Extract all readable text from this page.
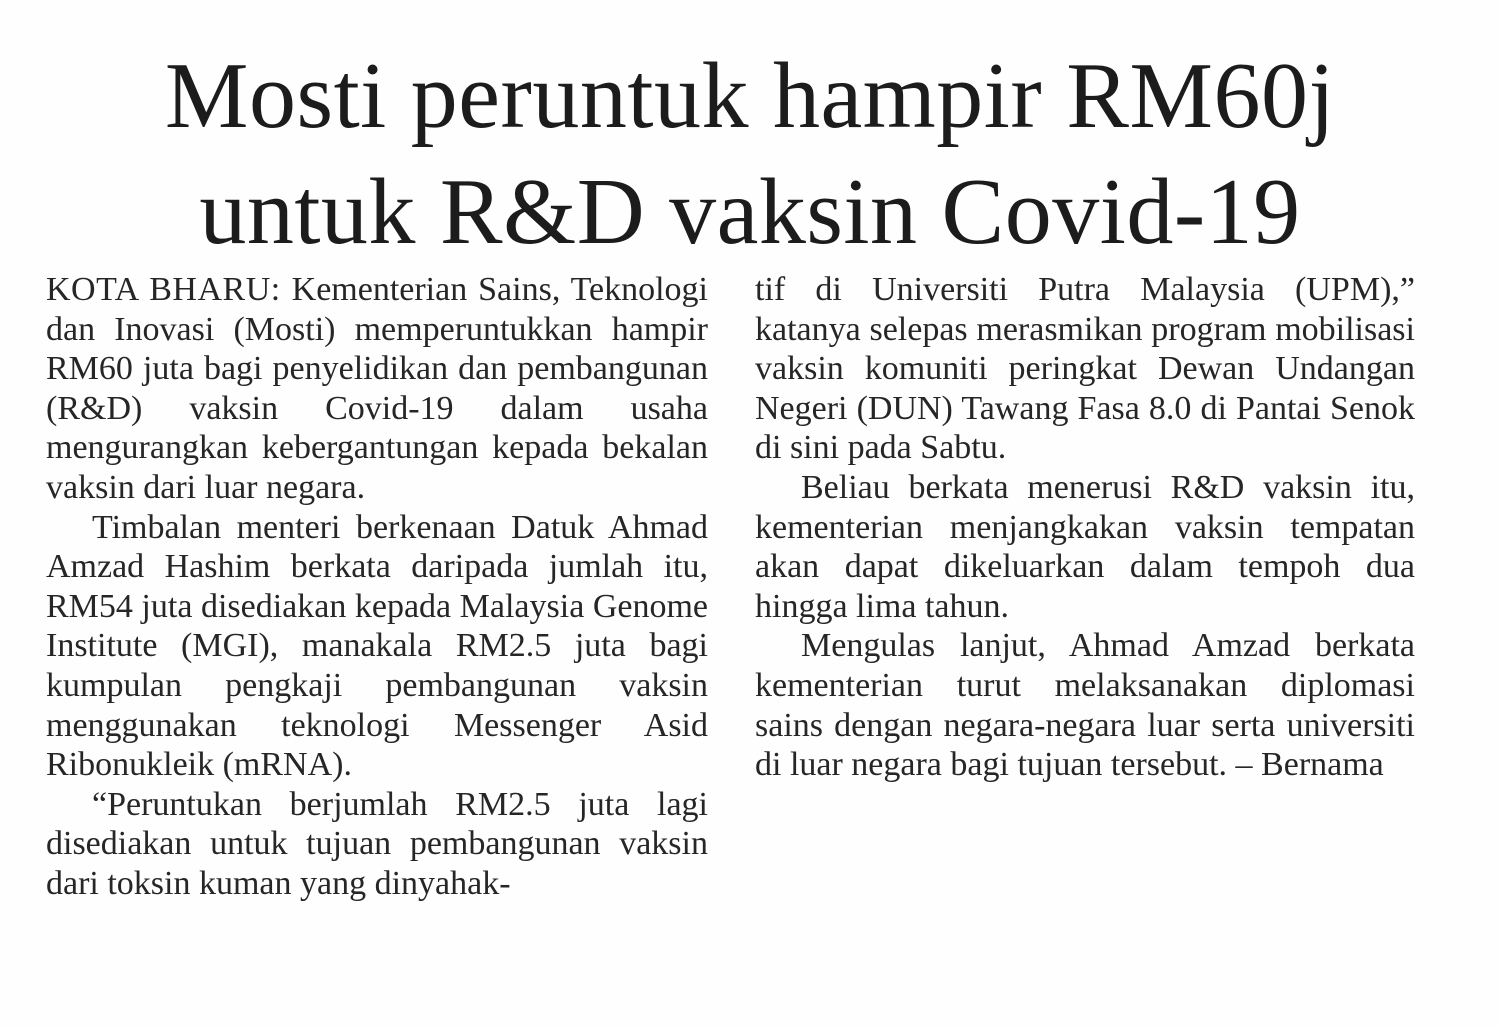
Mosti peruntuk hampir RM60j
untuk R&D vaksin Covid-19

KOTA BHARU: Kementerian Sains, Teknologi dan Inovasi (Mosti) memperuntukkan hampir RM60 juta bagi penyelidikan dan pembangunan (R&D) vaksin Covid-19 dalam usaha mengurangkan kebergantungan kepada bekalan vaksin dari luar negara.

Timbalan menteri berkenaan Datuk Ahmad Amzad Hashim berkata daripada jumlah itu, RM54 juta disediakan kepada Malaysia Genome Institute (MGI), manakala RM2.5 juta bagi kumpulan pengkaji pembangunan vaksin menggunakan teknologi Messenger Asid Ribonukleik (mRNA).

“Peruntukan berjumlah RM2.5 juta lagi disediakan untuk tujuan pembangunan vaksin dari toksin kuman yang dinyahak-

tif di Universiti Putra Malaysia (UPM),” katanya selepas merasmikan program mobilisasi vaksin komuniti peringkat Dewan Undangan Negeri (DUN) Tawang Fasa 8.0 di Pantai Senok di sini pada Sabtu.

Beliau berkata menerusi R&D vaksin itu, kementerian menjangkakan vaksin tempatan akan dapat dikeluarkan dalam tempoh dua hingga lima tahun.

Mengulas lanjut, Ahmad Amzad berkata kementerian turut melaksanakan diplomasi sains dengan negara-negara luar serta universiti di luar negara bagi tujuan tersebut. – Bernama
